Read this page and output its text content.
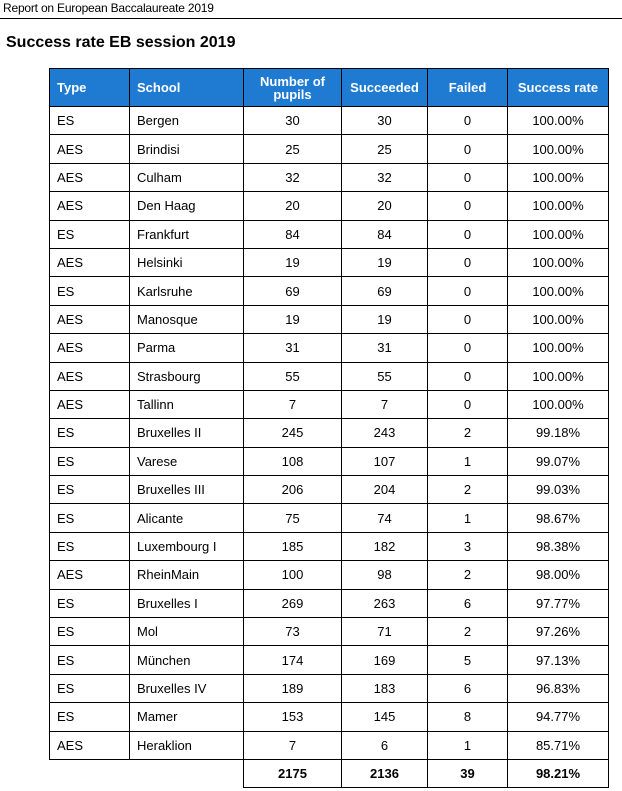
Report on European Baccalaureate 2019
Success rate EB session 2019
Type	School	Number of pupils	Succeeded	Failed	Success rate
ES	Bergen	30	30	0	100.00%
AES	Brindisi	25	25	0	100.00%
AES	Culham	32	32	0	100.00%
AES	Den Haag	20	20	0	100.00%
ES	Frankfurt	84	84	0	100.00%
AES	Helsinki	19	19	0	100.00%
ES	Karlsruhe	69	69	0	100.00%
AES	Manosque	19	19	0	100.00%
AES	Parma	31	31	0	100.00%
AES	Strasbourg	55	55	0	100.00%
AES	Tallinn	7	7	0	100.00%
ES	Bruxelles II	245	243	2	99.18%
ES	Varese	108	107	1	99.07%
ES	Bruxelles III	206	204	2	99.03%
ES	Alicante	75	74	1	98.67%
ES	Luxembourg I	185	182	3	98.38%
AES	RheinMain	100	98	2	98.00%
ES	Bruxelles I	269	263	6	97.77%
ES	Mol	73	71	2	97.26%
ES	München	174	169	5	97.13%
ES	Bruxelles IV	189	183	6	96.83%
ES	Mamer	153	145	8	94.77%
AES	Heraklion	7	6	1	85.71%
		2175	2136	39	98.21%
